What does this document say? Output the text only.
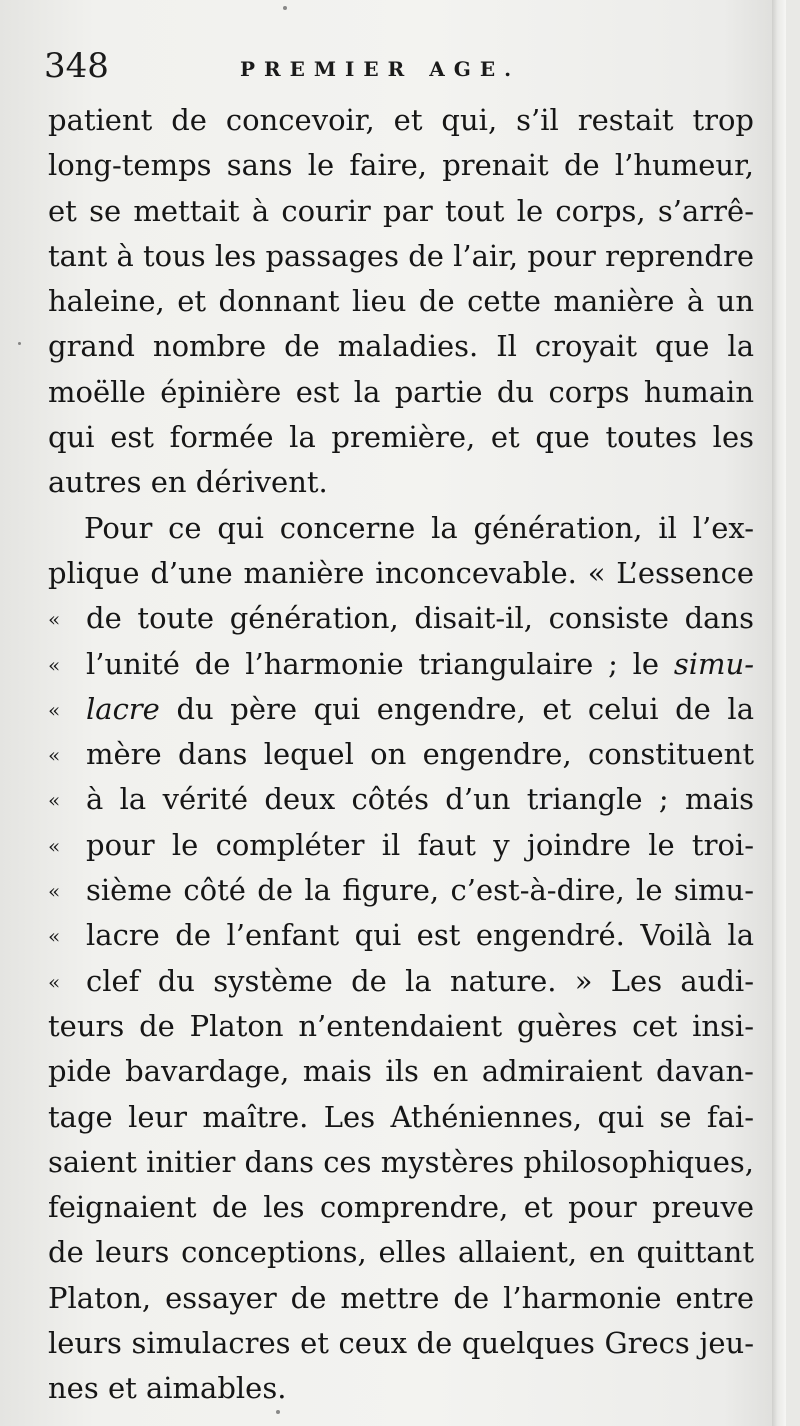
348	PREMIER AGE.
patient de concevoir, et qui, s’il restait trop
long-temps sans le faire, prenait de l’humeur,
et se mettait à courir par tout le corps, s’arrê-
tant à tous les passages de l’air, pour reprendre
haleine, et donnant lieu de cette manière à un
grand nombre de maladies. Il croyait que la
moëlle épinière est la partie du corps humain
qui est formée la première, et que toutes les
autres en dérivent.
Pour ce qui concerne la génération, il l’ex-
plique d’une manière inconcevable. « L’essence
« de toute génération, disait-il, consiste dans
« l’unité de l’harmonie triangulaire ; le simu-
« lacre du père qui engendre, et celui de la
« mère dans lequel on engendre, constituent
« à la vérité deux côtés d’un triangle ; mais
« pour le compléter il faut y joindre le troi-
« sième côté de la figure, c’est-à-dire, le simu-
« lacre de l’enfant qui est engendré. Voilà la
« clef du système de la nature. » Les audi-
teurs de Platon n’entendaient guères cet insi-
pide bavardage, mais ils en admiraient davan-
tage leur maître. Les Athéniennes, qui se fai-
saient initier dans ces mystères philosophiques,
feignaient de les comprendre, et pour preuve
de leurs conceptions, elles allaient, en quittant
Platon, essayer de mettre de l’harmonie entre
leurs simulacres et ceux de quelques Grecs jeu-
nes et aimables.
